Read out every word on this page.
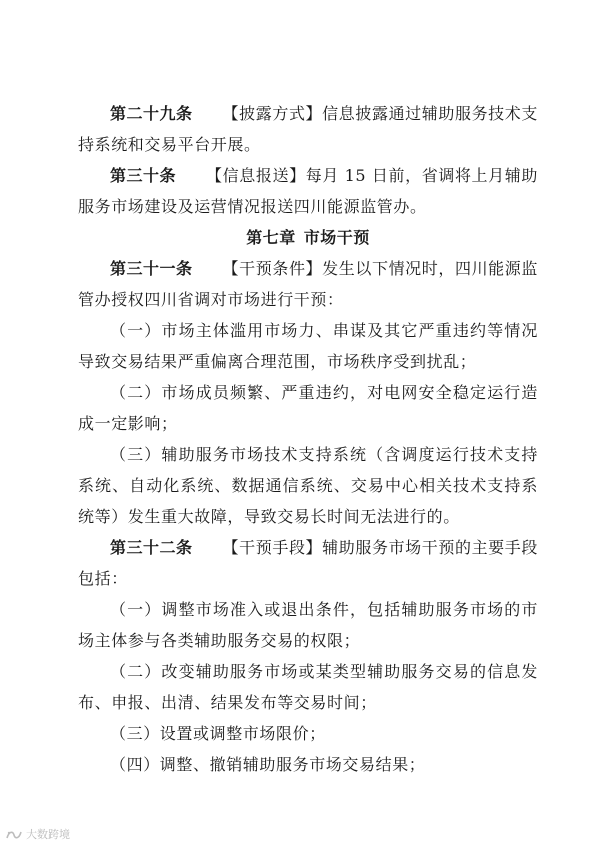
第二十九条 【披露方式】信息披露通过辅助服务技术支持系统和交易平台开展。

第三十条 【信息报送】每月 15 日前，省调将上月辅助服务市场建设及运营情况报送四川能源监管办。

第七章 市场干预

第三十一条 【干预条件】发生以下情况时，四川能源监管办授权四川省调对市场进行干预：

（一）市场主体滥用市场力、串谋及其它严重违约等情况导致交易结果严重偏离合理范围，市场秩序受到扰乱；

（二）市场成员频繁、严重违约，对电网安全稳定运行造成一定影响；

（三）辅助服务市场技术支持系统（含调度运行技术支持系统、自动化系统、数据通信系统、交易中心相关技术支持系统等）发生重大故障，导致交易长时间无法进行的。

第三十二条 【干预手段】辅助服务市场干预的主要手段包括：

（一）调整市场准入或退出条件，包括辅助服务市场的市场主体参与各类辅助服务交易的权限；

（二）改变辅助服务市场或某类型辅助服务交易的信息发布、申报、出清、结果发布等交易时间；

（三）设置或调整市场限价；

（四）调整、撤销辅助服务市场交易结果；

大数跨境
